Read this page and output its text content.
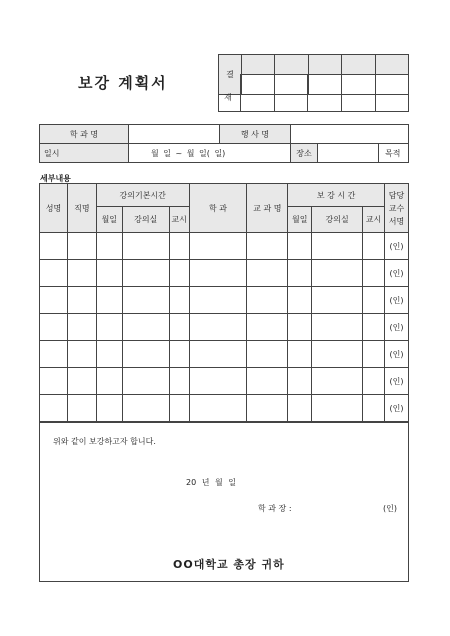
보강 계획서	결					

재
학 과 명		행 사 명			
일시	월 일 ~ 월 일( 일)		장소		목적
세부내용
성명	직명	강의기본시간			학 과	교 과 명	보 강 시 간			담당교수서명
		월일	강의실	교시			월일	강의실	교시	
										(인)
										(인)
										(인)
										(인)
										(인)
										(인)
										(인)
위와 같이 보강하고자 합니다.
20 년 월 일
학 과 장 :	(인)
OO대학교 총장 귀하
